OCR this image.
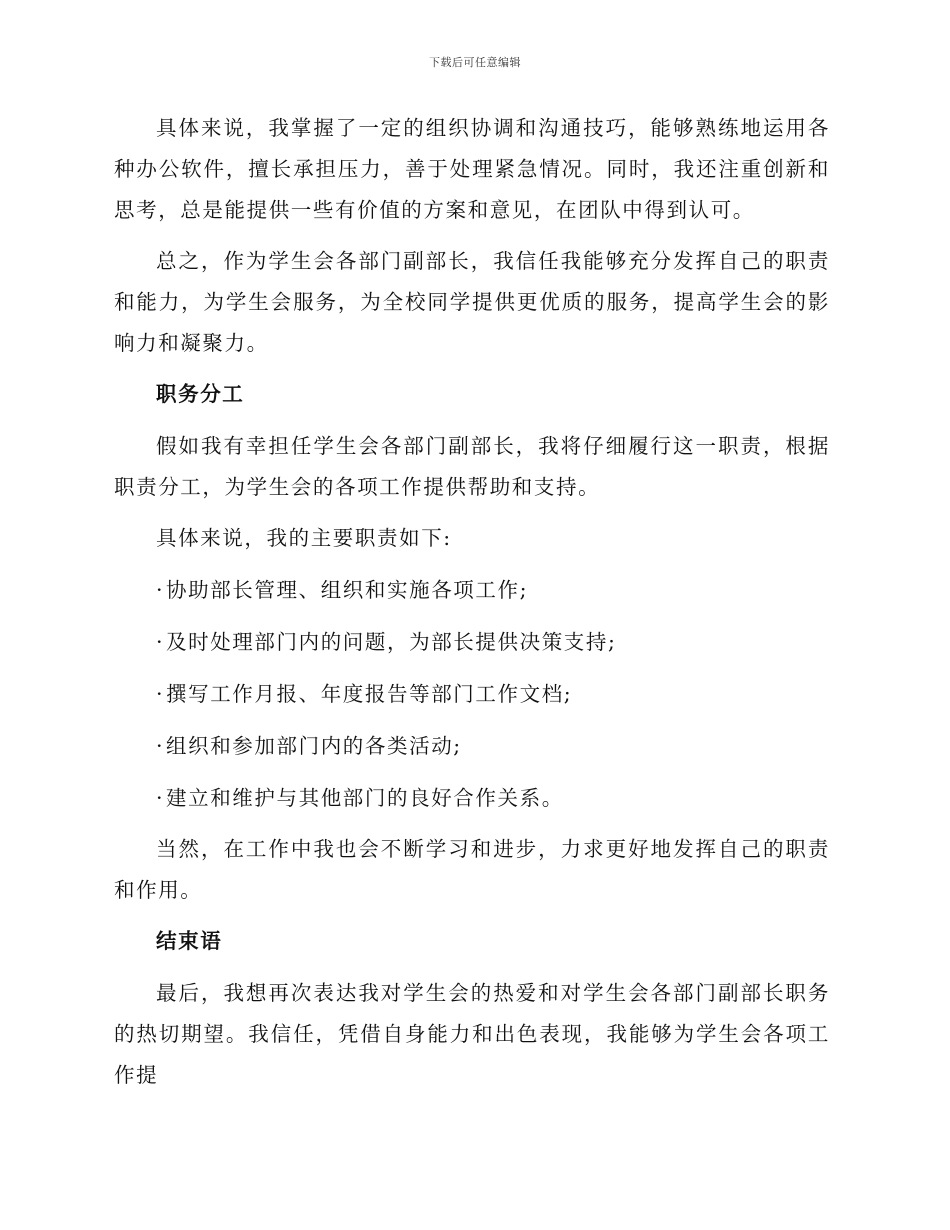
下载后可任意编辑

具体来说，我掌握了一定的组织协调和沟通技巧，能够熟练地运用各种办公软件，擅长承担压力，善于处理紧急情况。同时，我还注重创新和思考，总是能提供一些有价值的方案和意见，在团队中得到认可。

总之，作为学生会各部门副部长，我信任我能够充分发挥自己的职责和能力，为学生会服务，为全校同学提供更优质的服务，提高学生会的影响力和凝聚力。

职务分工

假如我有幸担任学生会各部门副部长，我将仔细履行这一职责，根据职责分工，为学生会的各项工作提供帮助和支持。

具体来说，我的主要职责如下:

·协助部长管理、组织和实施各项工作;
·及时处理部门内的问题，为部长提供决策支持;
·撰写工作月报、年度报告等部门工作文档;
·组织和参加部门内的各类活动;
·建立和维护与其他部门的良好合作关系。

当然，在工作中我也会不断学习和进步，力求更好地发挥自己的职责和作用。

结束语

最后，我想再次表达我对学生会的热爱和对学生会各部门副部长职务的热切期望。我信任，凭借自身能力和出色表现，我能够为学生会各项工作提
